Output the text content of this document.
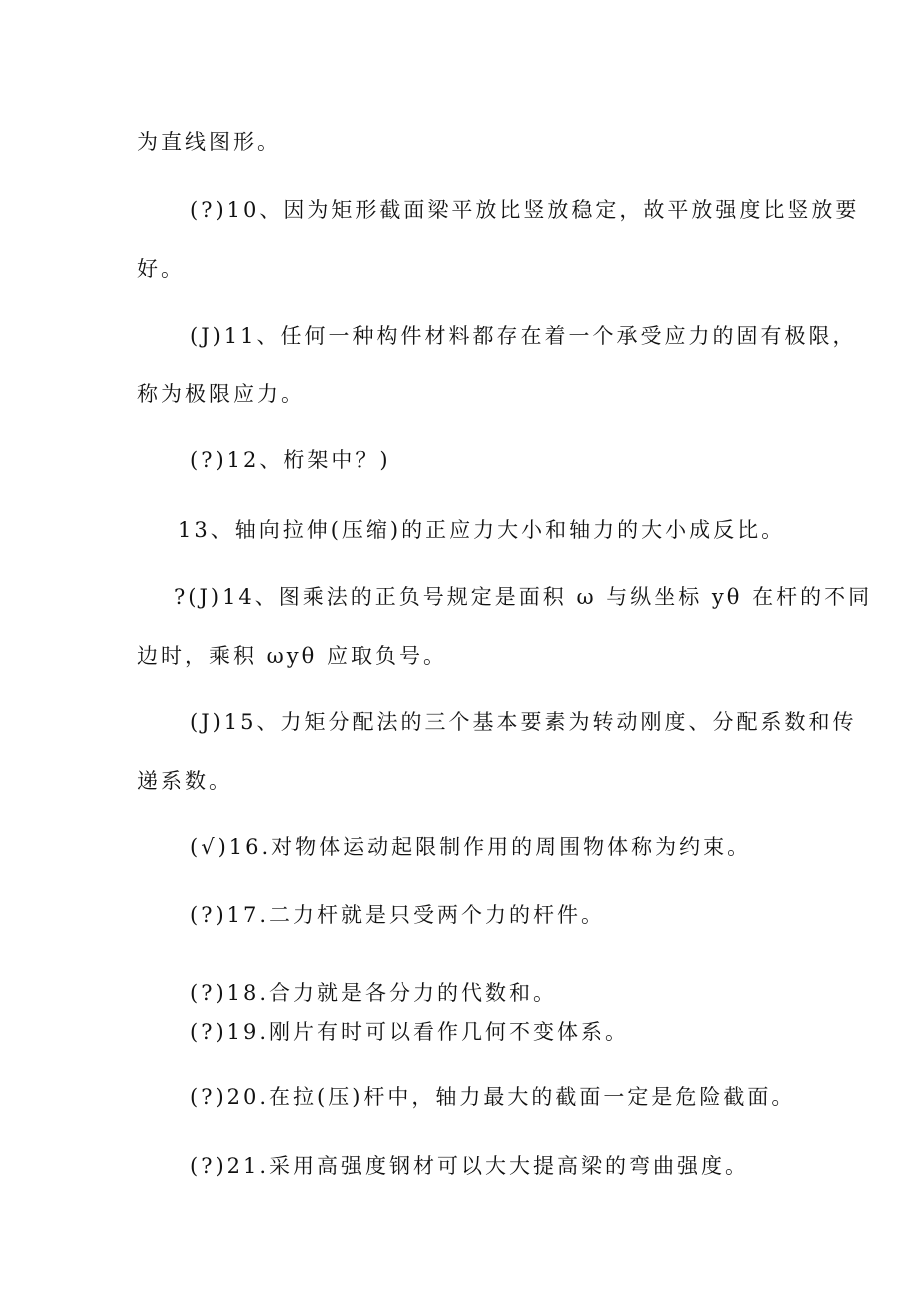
为直线图形。
(?)10、因为矩形截面梁平放比竖放稳定，故平放强度比竖放要
好。
(J)11、任何一种构件材料都存在着一个承受应力的固有极限，
称为极限应力。
(?)12、桁架中？)
13、轴向拉伸(压缩)的正应力大小和轴力的大小成反比。
?(J)14、图乘法的正负号规定是面积 ω 与纵坐标 yθ 在杆的不同
边时，乘积 ωyθ 应取负号。
(J)15、力矩分配法的三个基本要素为转动刚度、分配系数和传
递系数。
(√)16.对物体运动起限制作用的周围物体称为约束。
(?)17.二力杆就是只受两个力的杆件。
(?)18.合力就是各分力的代数和。
(?)19.刚片有时可以看作几何不变体系。
(?)20.在拉(压)杆中，轴力最大的截面一定是危险截面。
(?)21.采用高强度钢材可以大大提高梁的弯曲强度。
